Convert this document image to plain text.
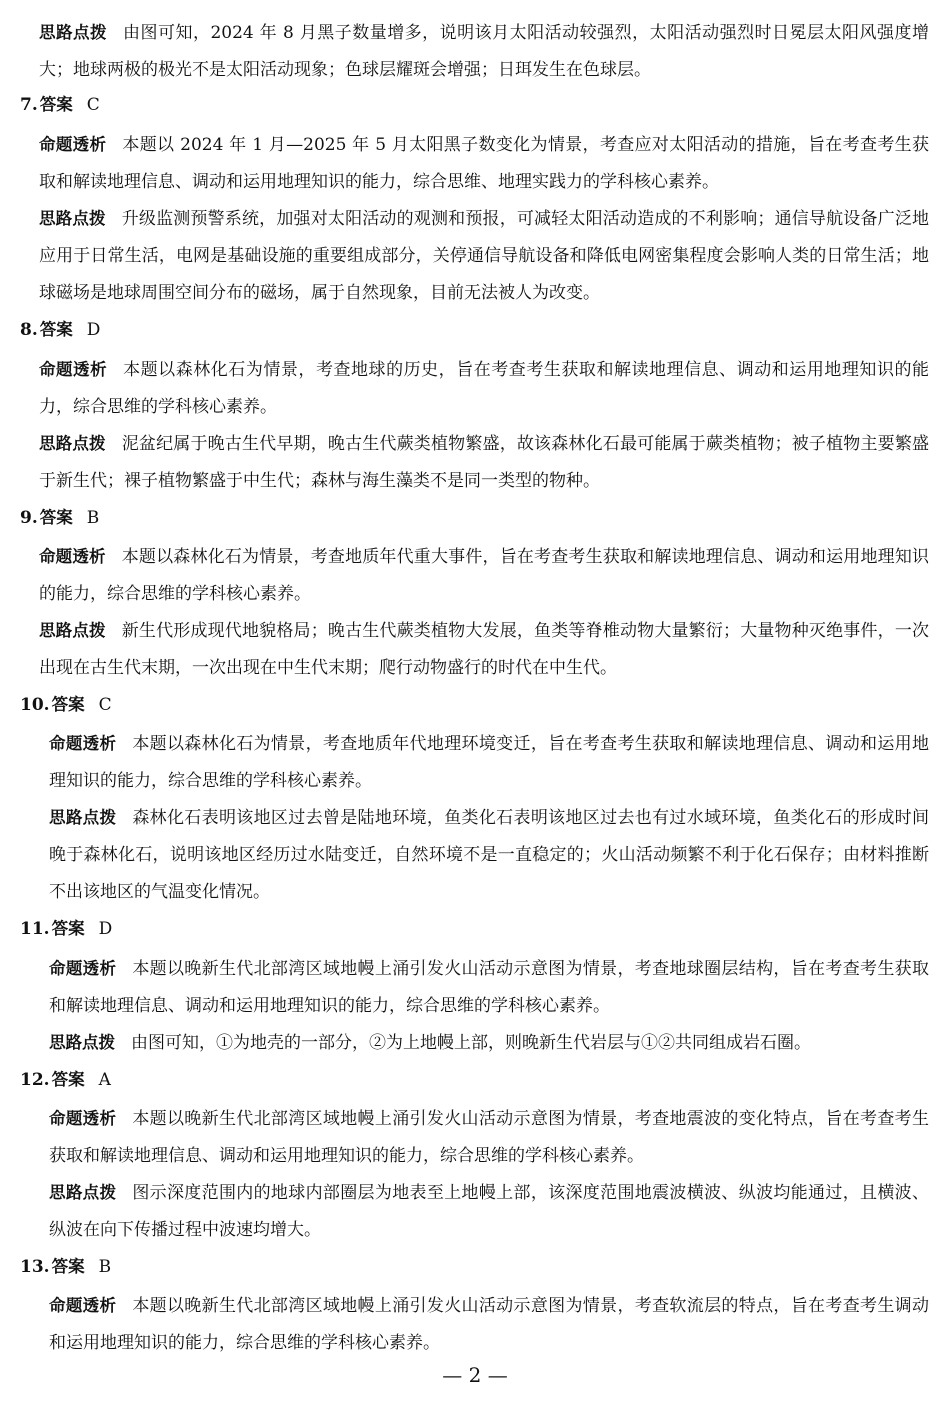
思路点拨 由图可知，2024 年 8 月黑子数量增多，说明该月太阳活动较强烈，太阳活动强烈时日冕层太阳风强度增大；地球两极的极光不是太阳活动现象；色球层耀斑会增强；日珥发生在色球层。

7. 答案 C

命题透析 本题以 2024 年 1 月—2025 年 5 月太阳黑子数变化为情景，考查应对太阳活动的措施，旨在考查考生获取和解读地理信息、调动和运用地理知识的能力，综合思维、地理实践力的学科核心素养。

思路点拨 升级监测预警系统，加强对太阳活动的观测和预报，可减轻太阳活动造成的不利影响；通信导航设备广泛地应用于日常生活，电网是基础设施的重要组成部分，关停通信导航设备和降低电网密集程度会影响人类的日常生活；地球磁场是地球周围空间分布的磁场，属于自然现象，目前无法被人为改变。

8. 答案 D

命题透析 本题以森林化石为情景，考查地球的历史，旨在考查考生获取和解读地理信息、调动和运用地理知识的能力，综合思维的学科核心素养。

思路点拨 泥盆纪属于晚古生代早期，晚古生代蕨类植物繁盛，故该森林化石最可能属于蕨类植物；被子植物主要繁盛于新生代；裸子植物繁盛于中生代；森林与海生藻类不是同一类型的物种。

9. 答案 B

命题透析 本题以森林化石为情景，考查地质年代重大事件，旨在考查考生获取和解读地理信息、调动和运用地理知识的能力，综合思维的学科核心素养。

思路点拨 新生代形成现代地貌格局；晚古生代蕨类植物大发展，鱼类等脊椎动物大量繁衍；大量物种灭绝事件，一次出现在古生代末期，一次出现在中生代末期；爬行动物盛行的时代在中生代。

10. 答案 C

命题透析 本题以森林化石为情景，考查地质年代地理环境变迁，旨在考查考生获取和解读地理信息、调动和运用地理知识的能力，综合思维的学科核心素养。

思路点拨 森林化石表明该地区过去曾是陆地环境，鱼类化石表明该地区过去也有过水域环境，鱼类化石的形成时间晚于森林化石，说明该地区经历过水陆变迁，自然环境不是一直稳定的；火山活动频繁不利于化石保存；由材料推断不出该地区的气温变化情况。

11. 答案 D

命题透析 本题以晚新生代北部湾区域地幔上涌引发火山活动示意图为情景，考查地球圈层结构，旨在考查考生获取和解读地理信息、调动和运用地理知识的能力，综合思维的学科核心素养。

思路点拨 由图可知，①为地壳的一部分，②为上地幔上部，则晚新生代岩层与①②共同组成岩石圈。

12. 答案 A

命题透析 本题以晚新生代北部湾区域地幔上涌引发火山活动示意图为情景，考查地震波的变化特点，旨在考查考生获取和解读地理信息、调动和运用地理知识的能力，综合思维的学科核心素养。

思路点拨 图示深度范围内的地球内部圈层为地表至上地幔上部，该深度范围地震波横波、纵波均能通过，且横波、纵波在向下传播过程中波速均增大。

13. 答案 B

命题透析 本题以晚新生代北部湾区域地幔上涌引发火山活动示意图为情景，考查软流层的特点，旨在考查考生调动和运用地理知识的能力，综合思维的学科核心素养。

— 2 —
